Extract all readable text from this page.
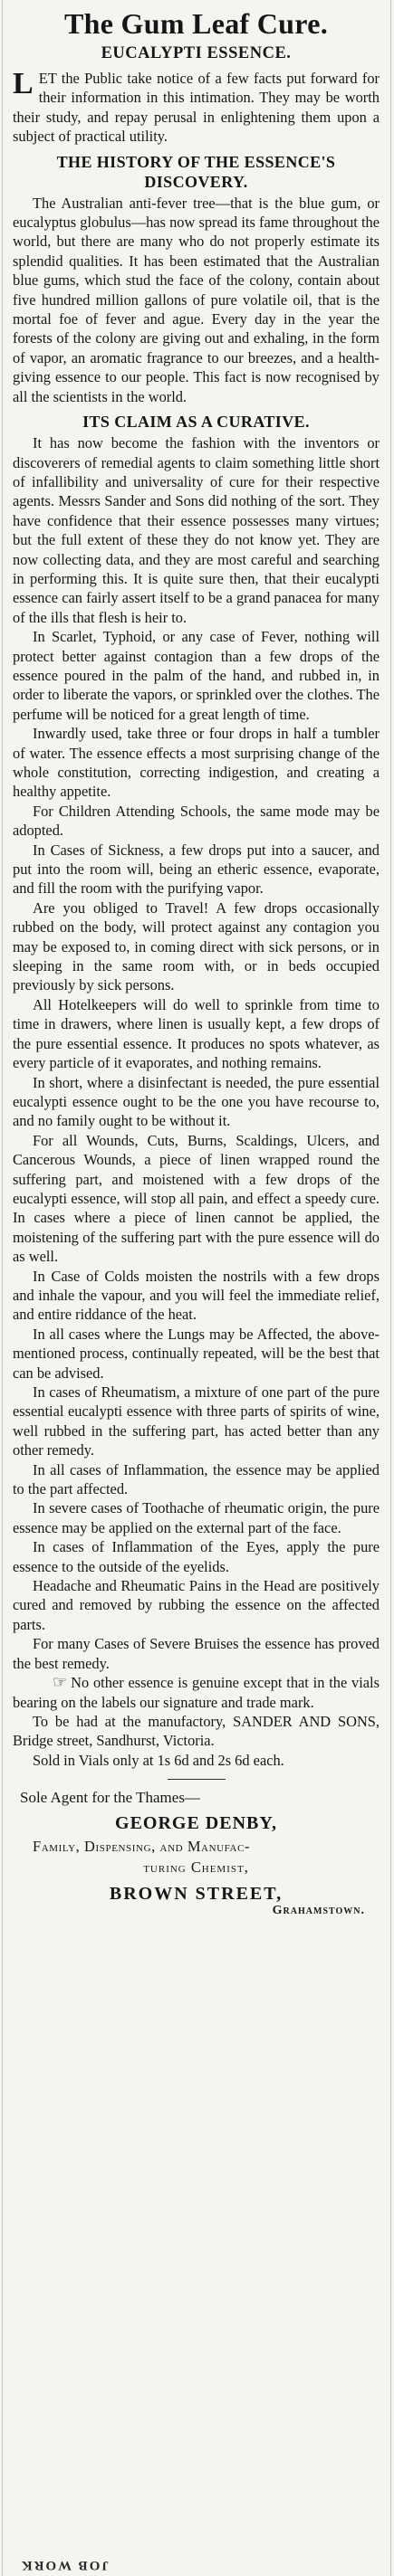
The Gum Leaf Cure.
EUCALYPTI ESSENCE.

LET the Public take notice of a few facts put forward for their information in this intimation. They may be worth their study, and repay perusal in enlightening them upon a subject of practical utility.

THE HISTORY OF THE ESSENCE'S DISCOVERY.

The Australian anti-fever tree—that is the blue gum, or eucalyptus globulus—has now spread its fame throughout the world, but there are many who do not properly estimate its splendid qualities. It has been estimated that the Australian blue gums, which stud the face of the colony, contain about five hundred million gallons of pure volatile oil, that is the mortal foe of fever and ague. Every day in the year the forests of the colony are giving out and exhaling, in the form of vapor, an aromatic fragrance to our breezes, and a health-giving essence to our people. This fact is now recognised by all the scientists in the world.

ITS CLAIM AS A CURATIVE.

It has now become the fashion with the inventors or discoverers of remedial agents to claim something little short of infallibility and universality of cure for their respective agents. Messrs Sander and Sons did nothing of the sort. They have confidence that their essence possesses many virtues; but the full extent of these they do not know yet. They are now collecting data, and they are most careful and searching in performing this. It is quite sure then, that their eucalypti essence can fairly assert itself to be a grand panacea for many of the ills that flesh is heir to.

In Scarlet, Typhoid, or any case of Fever, nothing will protect better against contagion than a few drops of the essence poured in the palm of the hand, and rubbed in, in order to liberate the vapors, or sprinkled over the clothes. The perfume will be noticed for a great length of time.

Inwardly used, take three or four drops in half a tumbler of water. The essence effects a most surprising change of the whole constitution, correcting indigestion, and creating a healthy appetite.

For Children Attending Schools, the same mode may be adopted.

In Cases of Sickness, a few drops put into a saucer, and put into the room will, being an etheric essence, evaporate, and fill the room with the purifying vapor.

Are you obliged to Travel! A few drops occasionally rubbed on the body, will protect against any contagion you may be exposed to, in coming direct with sick persons, or in sleeping in the same room with, or in beds occupied previously by sick persons.

All Hotelkeepers will do well to sprinkle from time to time in drawers, where linen is usually kept, a few drops of the pure essential essence. It produces no spots whatever, as every particle of it evaporates, and nothing remains.

In short, where a disinfectant is needed, the pure essential eucalypti essence ought to be the one you have recourse to, and no family ought to be without it.

For all Wounds, Cuts, Burns, Scaldings, Ulcers, and Cancerous Wounds, a piece of linen wrapped round the suffering part, and moistened with a few drops of the eucalypti essence, will stop all pain, and effect a speedy cure. In cases where a piece of linen cannot be applied, the moistening of the suffering part with the pure essence will do as well.

In Case of Colds moisten the nostrils with a few drops and inhale the vapour, and you will feel the immediate relief, and entire riddance of the heat.

In all cases where the Lungs may be Affected, the above-mentioned process, continually repeated, will be the best that can be advised.

In cases of Rheumatism, a mixture of one part of the pure essential eucalypti essence with three parts of spirits of wine, well rubbed in the suffering part, has acted better than any other remedy.

In all cases of Inflammation, the essence may be applied to the part affected.

In severe cases of Toothache of rheumatic origin, the pure essence may be applied on the external part of the face.

In cases of Inflammation of the Eyes, apply the pure essence to the outside of the eyelids.

Headache and Rheumatic Pains in the Head are positively cured and removed by rubbing the essence on the affected parts.

For many Cases of Severe Bruises the essence has proved the best remedy.

☞ No other essence is genuine except that in the vials bearing on the labels our signature and trade mark.

To be had at the manufactory, SANDER AND SONS, Bridge street, Sandhurst, Victoria.

Sold in Vials only at 1s 6d and 2s 6d each.

Sole Agent for the Thames—
GEORGE DENBY,
Family, Dispensing, and Manufac-
turing Chemist,
BROWN STREET,
Grahamstown.
JOB WORK
